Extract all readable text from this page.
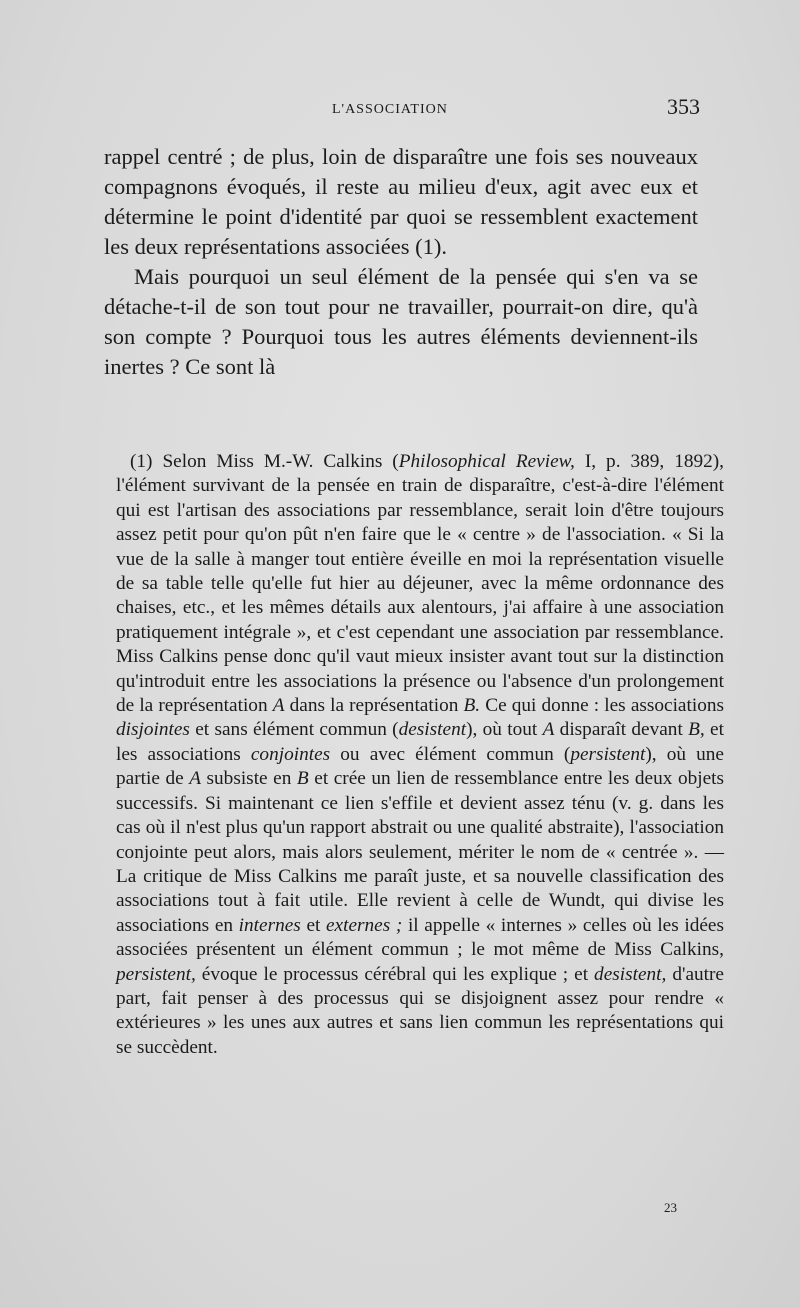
L'ASSOCIATION	353

rappel centré ; de plus, loin de disparaître une fois ses nouveaux compagnons évoqués, il reste au milieu d'eux, agit avec eux et détermine le point d'identité par quoi se ressemblent exactement les deux représentations associées (1).

Mais pourquoi un seul élément de la pensée qui s'en va se détache-t-il de son tout pour ne travailler, pourrait-on dire, qu'à son compte ? Pourquoi tous les autres éléments deviennent-ils inertes ? Ce sont là

(1) Selon Miss M.-W. Calkins (Philosophical Review, I, p. 389, 1892), l'élément survivant de la pensée en train de disparaître, c'est-à-dire l'élément qui est l'artisan des associations par ressemblance, serait loin d'être toujours assez petit pour qu'on pût n'en faire que le « centre » de l'association. « Si la vue de la salle à manger tout entière éveille en moi la représentation visuelle de sa table telle qu'elle fut hier au déjeuner, avec la même ordonnance des chaises, etc., et les mêmes détails aux alentours, j'ai affaire à une association pratiquement intégrale », et c'est cependant une association par ressemblance. Miss Calkins pense donc qu'il vaut mieux insister avant tout sur la distinction qu'introduit entre les associations la présence ou l'absence d'un prolongement de la représentation A dans la représentation B. Ce qui donne : les associations disjointes et sans élément commun (desistent), où tout A disparaît devant B, et les associations conjointes ou avec élément commun (persistent), où une partie de A subsiste en B et crée un lien de ressemblance entre les deux objets successifs. Si maintenant ce lien s'effile et devient assez ténu (v. g. dans les cas où il n'est plus qu'un rapport abstrait ou une qualité abstraite), l'association conjointe peut alors, mais alors seulement, mériter le nom de « centrée ». — La critique de Miss Calkins me paraît juste, et sa nouvelle classification des associations tout à fait utile. Elle revient à celle de Wundt, qui divise les associations en internes et externes ; il appelle « internes » celles où les idées associées présentent un élément commun ; le mot même de Miss Calkins, persistent, évoque le processus cérébral qui les explique ; et desistent, d'autre part, fait penser à des processus qui se disjoignent assez pour rendre « extérieures » les unes aux autres et sans lien commun les représentations qui se succèdent.

23
